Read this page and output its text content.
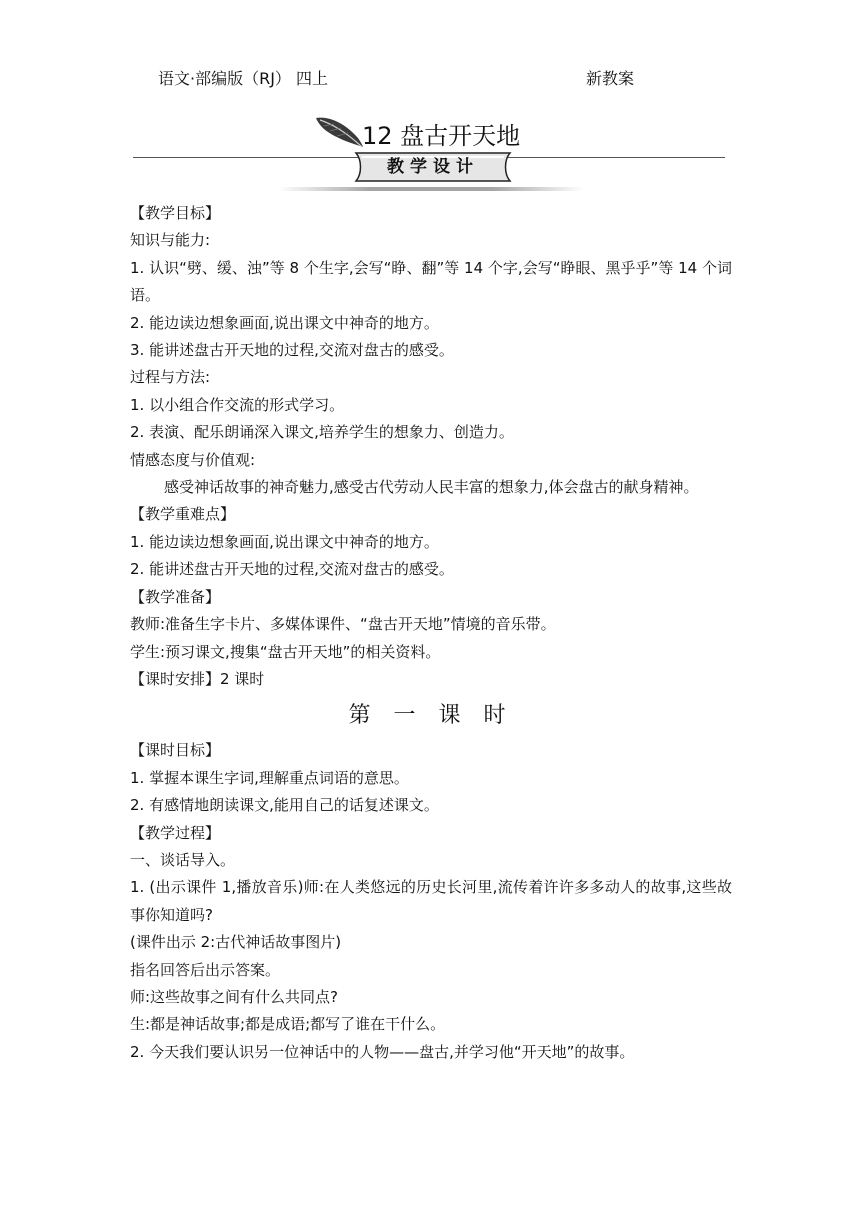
语文·部编版（RJ） 四上	新教案
12 盘古开天地
教学设计

【教学目标】

知识与能力:

1. 认识“劈、缓、浊”等 8 个生字,会写“睁、翻”等 14 个字,会写“睁眼、黑乎乎”等 14 个词语。

2. 能边读边想象画面,说出课文中神奇的地方。

3. 能讲述盘古开天地的过程,交流对盘古的感受。

过程与方法:

1. 以小组合作交流的形式学习。

2. 表演、配乐朗诵深入课文,培养学生的想象力、创造力。

情感态度与价值观:

感受神话故事的神奇魅力,感受古代劳动人民丰富的想象力,体会盘古的献身精神。

【教学重难点】

1. 能边读边想象画面,说出课文中神奇的地方。

2. 能讲述盘古开天地的过程,交流对盘古的感受。

【教学准备】

教师:准备生字卡片、多媒体课件、“盘古开天地”情境的音乐带。

学生:预习课文,搜集“盘古开天地”的相关资料。

【课时安排】2 课时

第 一 课 时

【课时目标】

1. 掌握本课生字词,理解重点词语的意思。

2. 有感情地朗读课文,能用自己的话复述课文。

【教学过程】

一、谈话导入。

1. (出示课件 1,播放音乐)师:在人类悠远的历史长河里,流传着许许多多动人的故事,这些故事你知道吗?

(课件出示 2:古代神话故事图片)

指名回答后出示答案。

师:这些故事之间有什么共同点?

生:都是神话故事;都是成语;都写了谁在干什么。

2. 今天我们要认识另一位神话中的人物——盘古,并学习他“开天地”的故事。
